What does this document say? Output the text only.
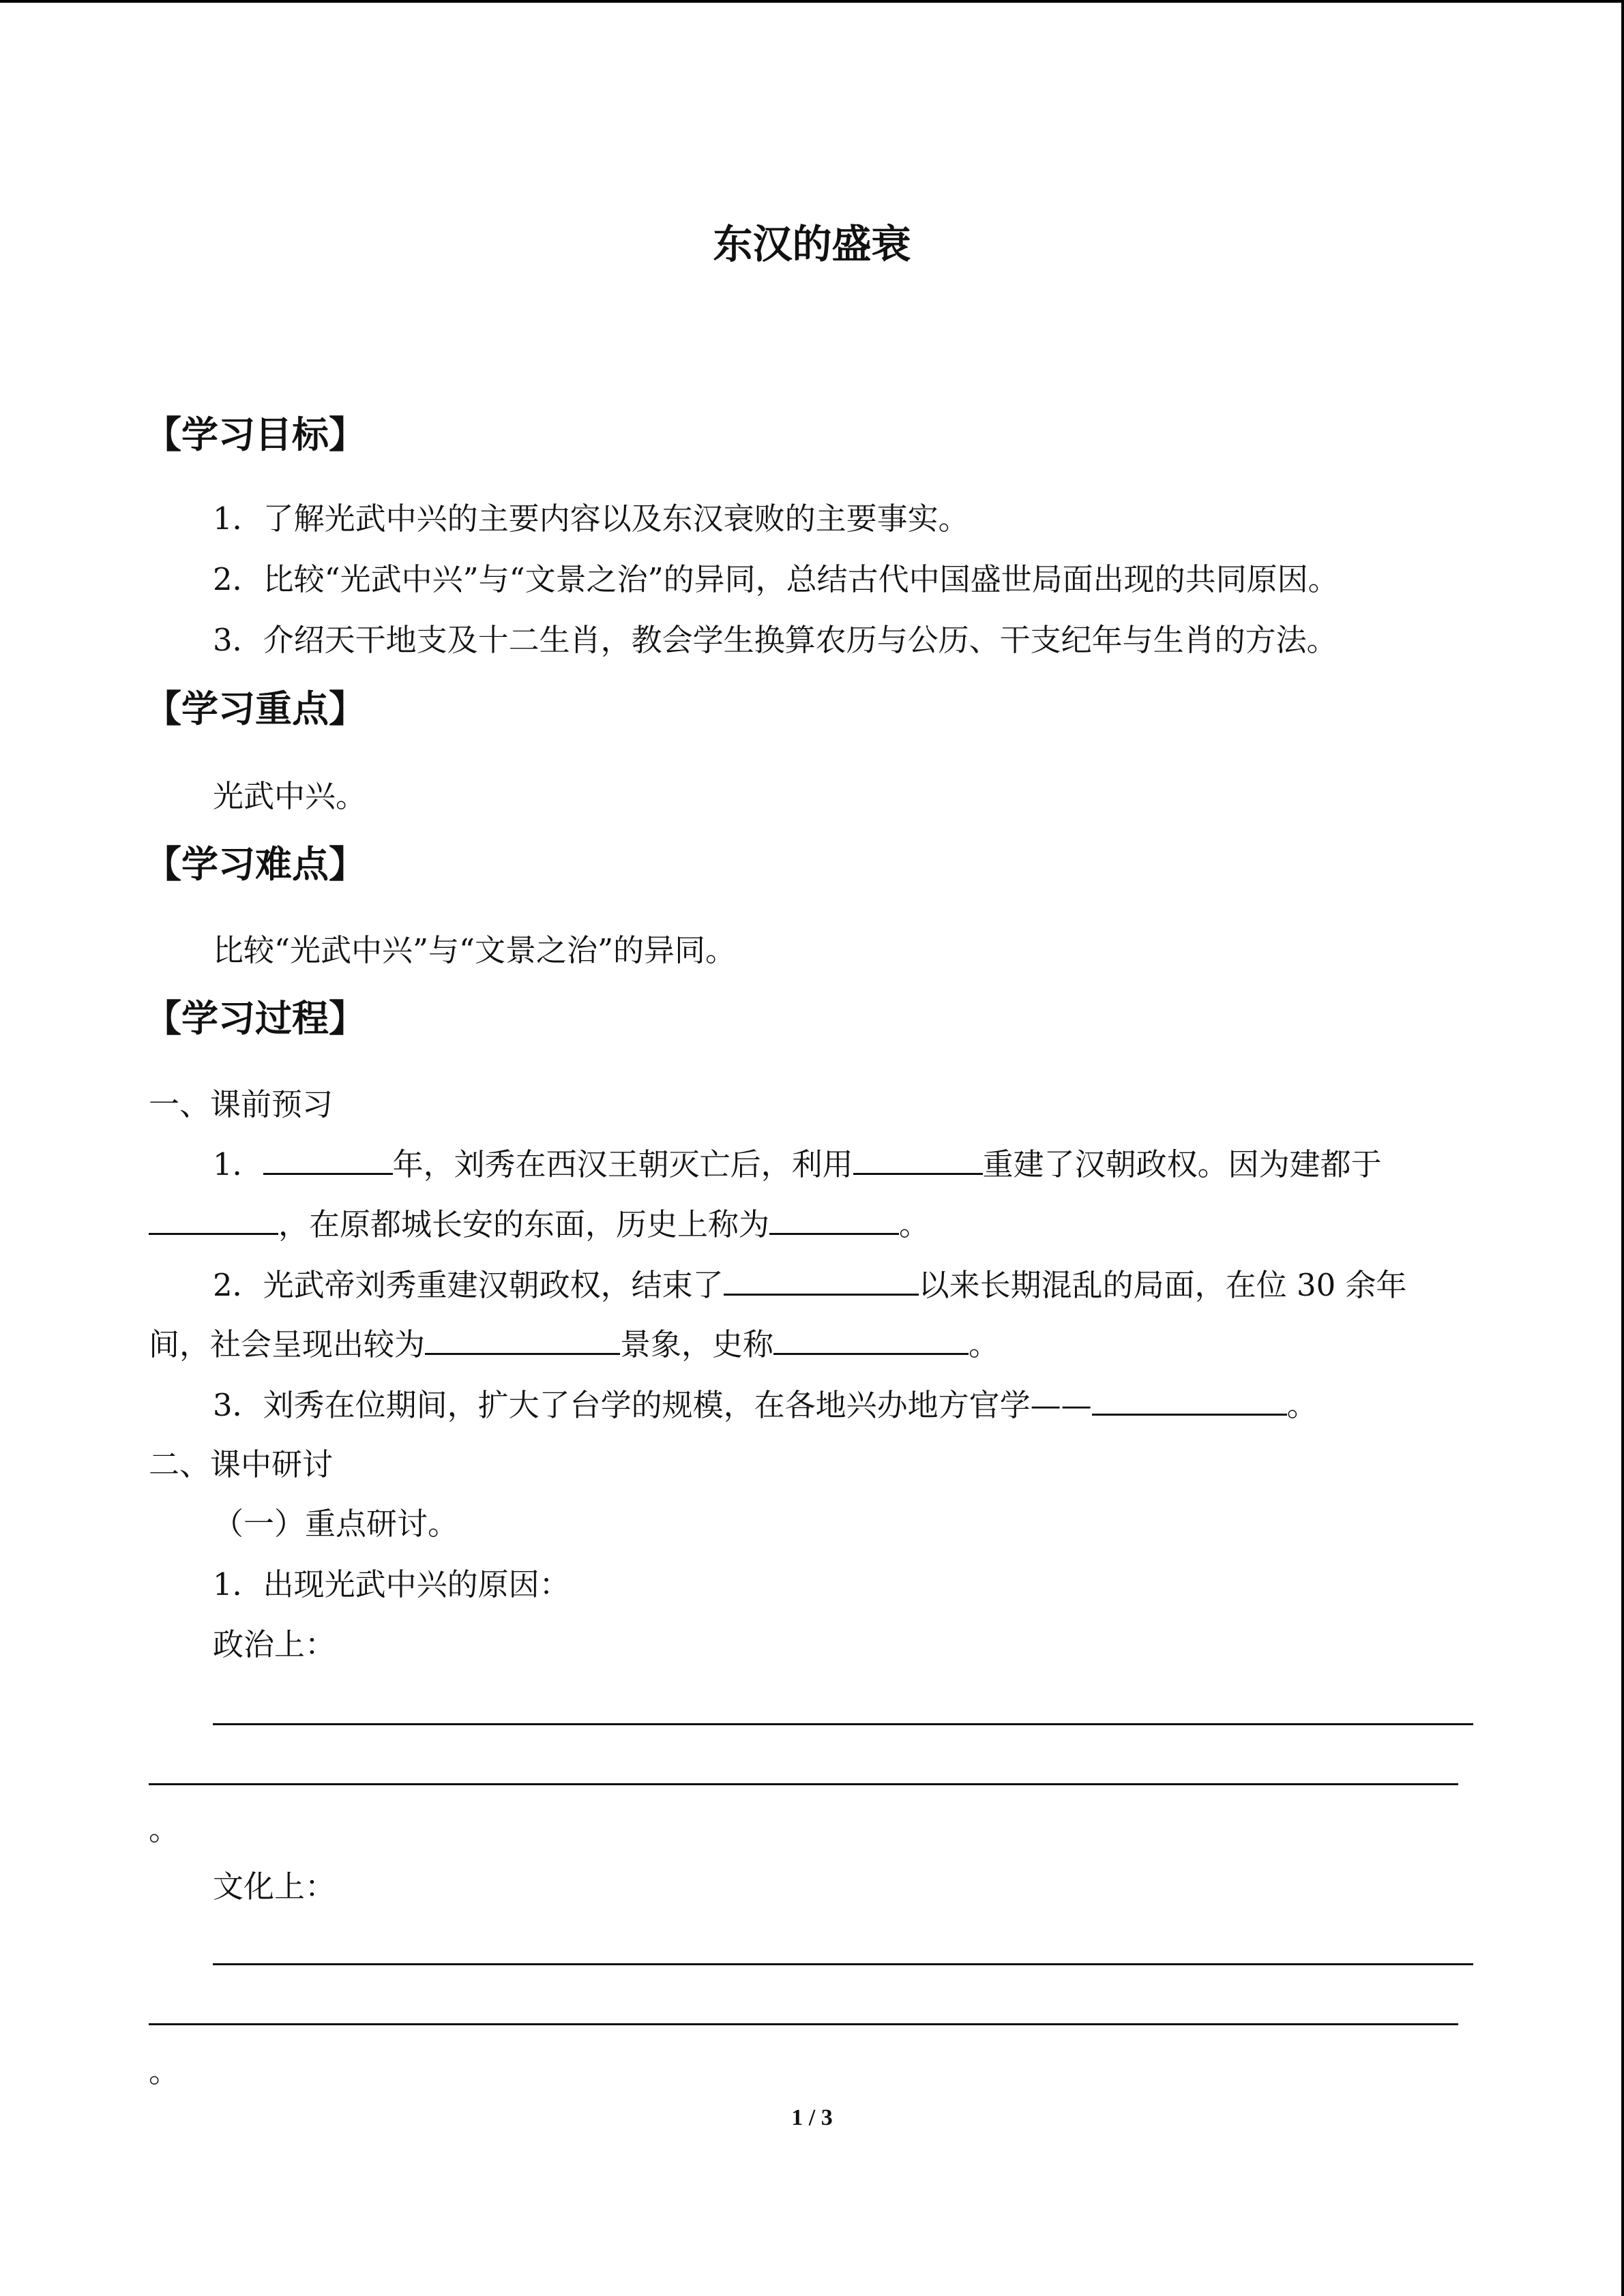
东汉的盛衰
【学习目标】
1．了解光武中兴的主要内容以及东汉衰败的主要事实。
2．比较“光武中兴”与“文景之治”的异同，总结古代中国盛世局面出现的共同原因。
3．介绍天干地支及十二生肖，教会学生换算农历与公历、干支纪年与生肖的方法。
【学习重点】
光武中兴。
【学习难点】
比较“光武中兴”与“文景之治”的异同。
【学习过程】
一、课前预习
1．	年，刘秀在西汉王朝灭亡后，利用	重建了汉朝政权。因为建都于
，在原都城长安的东面，历史上称为	。
2．光武帝刘秀重建汉朝政权，结束了	以来长期混乱的局面，在位 30 余年
间，社会呈现出较为	景象，史称	。
3．刘秀在位期间，扩大了台学的规模，在各地兴办地方官学——	。
二、课中研讨
（一）重点研讨。
1．出现光武中兴的原因：
政治上：
。
文化上：
。
1 / 3
